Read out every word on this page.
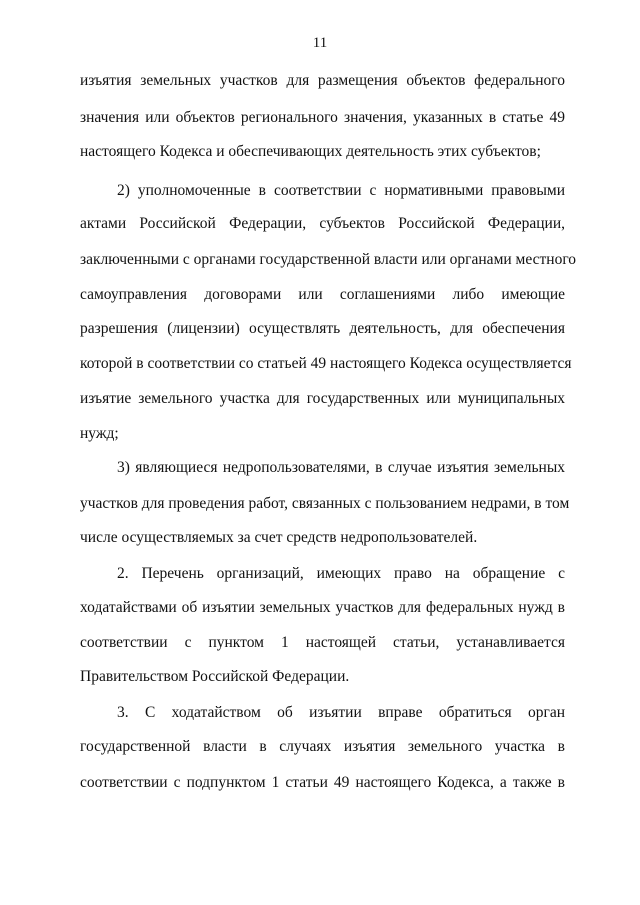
11
изъятия земельных участков для размещения объектов федерального
значения или объектов регионального значения, указанных в статье 49
настоящего Кодекса и обеспечивающих деятельность этих субъектов;
2) уполномоченные в соответствии с нормативными правовыми
актами Российской Федерации, субъектов Российской Федерации,
заключенными с органами государственной власти или органами местного
самоуправления договорами или соглашениями либо имеющие
разрешения (лицензии) осуществлять деятельность, для обеспечения
которой в соответствии со статьей 49 настоящего Кодекса осуществляется
изъятие земельного участка для государственных или муниципальных
нужд;
3) являющиеся недропользователями, в случае изъятия земельных
участков для проведения работ, связанных с пользованием недрами, в том
числе осуществляемых за счет средств недропользователей.
2. Перечень организаций, имеющих право на обращение с
ходатайствами об изъятии земельных участков для федеральных нужд в
соответствии с пунктом 1 настоящей статьи, устанавливается
Правительством Российской Федерации.
3. С ходатайством об изъятии вправе обратиться орган
государственной власти в случаях изъятия земельного участка в
соответствии с подпунктом 1 статьи 49 настоящего Кодекса, а также в
